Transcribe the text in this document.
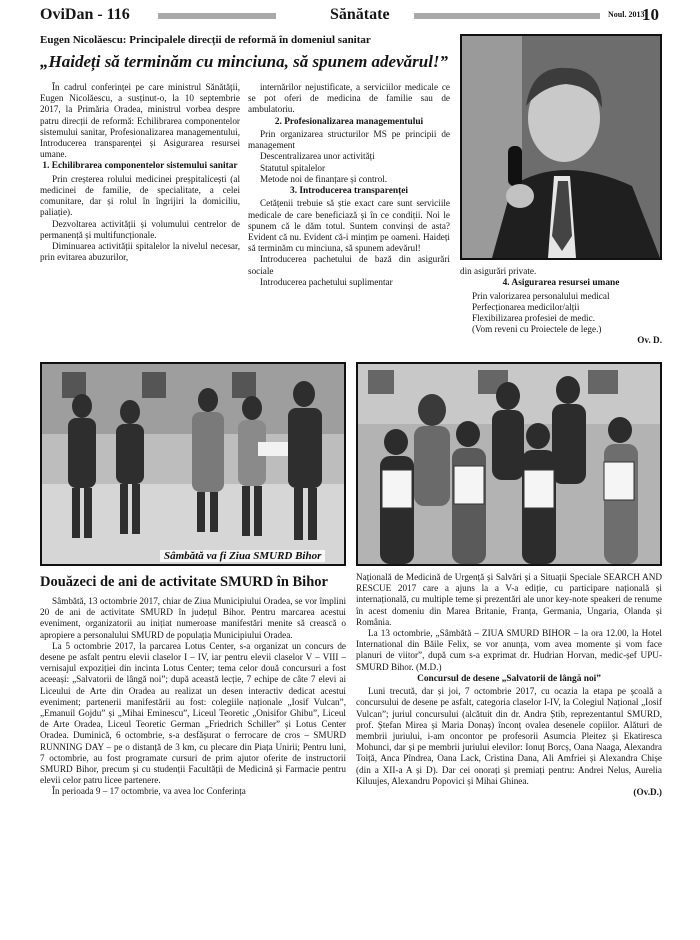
OviDan - 116	Sănătate	Noul. 2013
10
Eugen Nicolăescu: Principalele direcții de reformă în domeniul sanitar
„Haideți să terminăm cu minciuna, să spunem adevărul!”

În cadrul conferinței pe care ministrul Sănătății, Eugen Nicolăescu, a susținut-o, la 10 septembrie 2017, la Primăria Oradea, ministrul vorbea despre patru direcții de reformă: Echilibrarea componentelor sistemului sanitar, Profesionalizarea managementului, Introducerea transparenței și Asigurarea resursei umane.

1. Echilibrarea componentelor sistemului sanitar

Prin creșterea rolului medicinei preșpitalicești (al medicinei de familie, de specialitate, a celei comunitare, dar și rolul în îngrijiri la domiciliu, paliație).

Dezvoltarea activității și volumului centrelor de permanență și multifuncționale.

Diminuarea activității spitalelor la nivelul necesar, prin evitarea abuzurilor,

internărilor nejustificate, a serviciilor medicale ce se pot oferi de medicina de familie sau de ambulatoriu.

2. Profesionalizarea managementului

Prin organizarea structurilor MS pe principii de management

Descentralizarea unor activități

Statutul spitalelor

Metode noi de finanțare și control.

3. Introducerea transparenței

Cetățenii trebuie să știe exact care sunt serviciile medicale de care beneficiază și în ce condiții. Noi le spunem că le dăm totul. Suntem convinși de asta? Evident că nu. Evident că-i mințim pe oameni. Haideți să terminăm cu minciuna, să spunem adevărul!

Introducerea pachetului de bază din asigurări sociale

Introducerea pachetului suplimentar

din asigurări private.

4. Asigurarea resursei umane

Prin valorizarea personalului medical

Perfecționarea medicilor/alții

Flexibilizarea profesiei de medic.

(Vom reveni cu Proiectele de lege.)

Ov. D.
Sâmbătă va fi Ziua SMURD Bihor
Douăzeci de ani de activitate SMURD în Bihor

Sâmbătă, 13 octombrie 2017, chiar de Ziua Municipiului Oradea, se vor împlini 20 de ani de activitate SMURD în județul Bihor. Pentru marcarea acestui eveniment, organizatorii au inițiat numeroase manifestări menite să crească o apropiere a personalului SMURD de populația Municipiului Oradea.

La 5 octombrie 2017, la parcarea Lotus Center, s-a organizat un concurs de desene pe asfalt pentru elevii claselor I – IV, iar pentru elevii claselor V – VIII – vernisajul expoziției din incinta Lotus Center; tema celor două concursuri a fost aceeași: „Salvatorii de lângă noi”; după această lecție, 7 echipe de câte 7 elevi ai Liceului de Arte din Oradea au realizat un desen interactiv dedicat acestui eveniment; partenerii manifestării au fost: colegiile naționale „Iosif Vulcan”, „Emanuil Gojdu” și „Mihai Eminescu”, Liceul Teoretic „Onisifor Ghibu”, Liceul de Arte Oradea, Liceul Teoretic German „Friedrich Schiller” și Lotus Center Oradea. Duminică, 6 octombrie, s-a desfășurat o ferrocare de cros – SMURD RUNNING DAY – pe o distanță de 3 km, cu plecare din Piața Unirii; Pentru luni, 7 octombrie, au fost programate cursuri de prim ajutor oferite de instructorii SMURD Bihor, precum și cu studenții Facultății de Medicină și Farmacie pentru elevii celor patru licee partenere.

În perioada 9 – 17 octombrie, va avea loc Conferința

Națională de Medicină de Urgență și Salvări și a Situații Speciale SEARCH AND RESCUE 2017 care a ajuns la a V-a ediție, cu participare națională și internațională, cu multiple teme și prezentări ale unor key-note speakeri de renume în acest domeniu din Marea Britanie, Franța, Germania, Ungaria, Olanda și România.

La 13 octombrie, „Sâmbătă – ZIUA SMURD BIHOR – la ora 12.00, la Hotel International din Băile Felix, se vor anunța, vom avea momente și vom face planuri de viitor”, după cum s-a exprimat dr. Hudrian Horvan, medic-șef UPU-SMURD Bihor. (M.D.)

Concursul de desene „Salvatorii de lângă noi”

Luni trecută, dar și joi, 7 octombrie 2017, cu ocazia la etapa pe școală a concursului de desene pe asfalt, categoria claselor I-IV, la Colegiul Național „Iosif Vulcan”; juriul concursului (alcătuit din dr. Andra Știb, reprezentantul SMURD, prof. Ștefan Mirea și Maria Donaș) înconț ovalea desenele copiilor. Alături de membrii juriului, i-am oncontor pe profesorii Asumcia Pleitez și Ekatiresca Mohunci, dar și pe membrii juriului elevilor: Ionuț Borcș, Oana Naaga, Alexandra Toiță, Anca Pîndrea, Oana Lack, Cristina Dana, Ali Amfriei și Alexandra Chișe (din a XII-a A și D). Dar cei onorați și premiați pentru: Andrei Nelus, Aurelia Kiluujes, Alexandru Popovici și Mihai Ghinea.

(Ov.D.)
